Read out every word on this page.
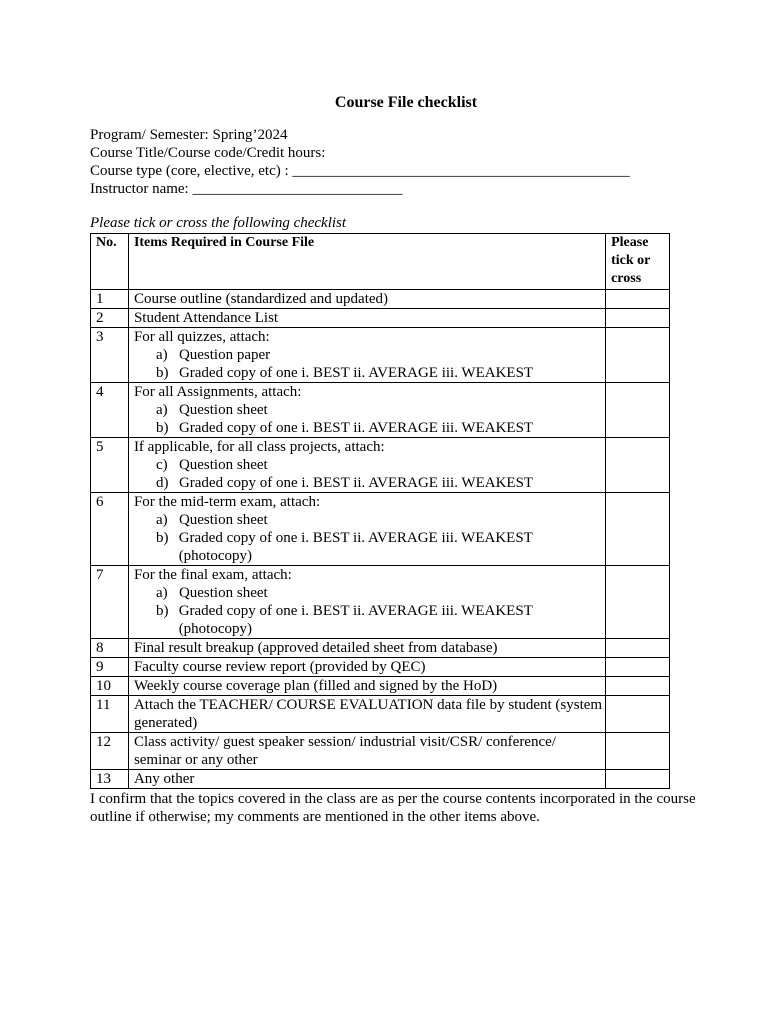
Course File checklist
Program/ Semester: Spring’2024
Course Title/Course code/Credit hours:
Course type (core, elective, etc) : _____________________________________________
Instructor name: ____________________________
Please tick or cross the following checklist
No.	Items Required in Course File	Please tick or cross
1	Course outline (standardized and updated)	

2	Student Attendance List	

3	For all quizzes, attach:
a) Question paper
b) Graded copy of one i. BEST ii. AVERAGE iii. WEAKEST	

4	For all Assignments, attach:
a) Question sheet
b) Graded copy of one i. BEST ii. AVERAGE iii. WEAKEST	

5	If applicable, for all class projects, attach:
c) Question sheet
d) Graded copy of one i. BEST ii. AVERAGE iii. WEAKEST	

6	For the mid-term exam, attach:
a) Question sheet
b) Graded copy of one i. BEST ii. AVERAGE iii. WEAKEST (photocopy)	

7	For the final exam, attach:
a) Question sheet
b) Graded copy of one i. BEST ii. AVERAGE iii. WEAKEST (photocopy)	

8	Final result breakup (approved detailed sheet from database)	

9	Faculty course review report (provided by QEC)	

10	Weekly course coverage plan (filled and signed by the HoD)	

11	Attach the TEACHER/ COURSE EVALUATION data file by student (system generated)	

12	Class activity/ guest speaker session/ industrial visit/CSR/ conference/ seminar or any other	

13	Any other	

I confirm that the topics covered in the class are as per the course contents incorporated in the course outline if otherwise; my comments are mentioned in the other items above.
